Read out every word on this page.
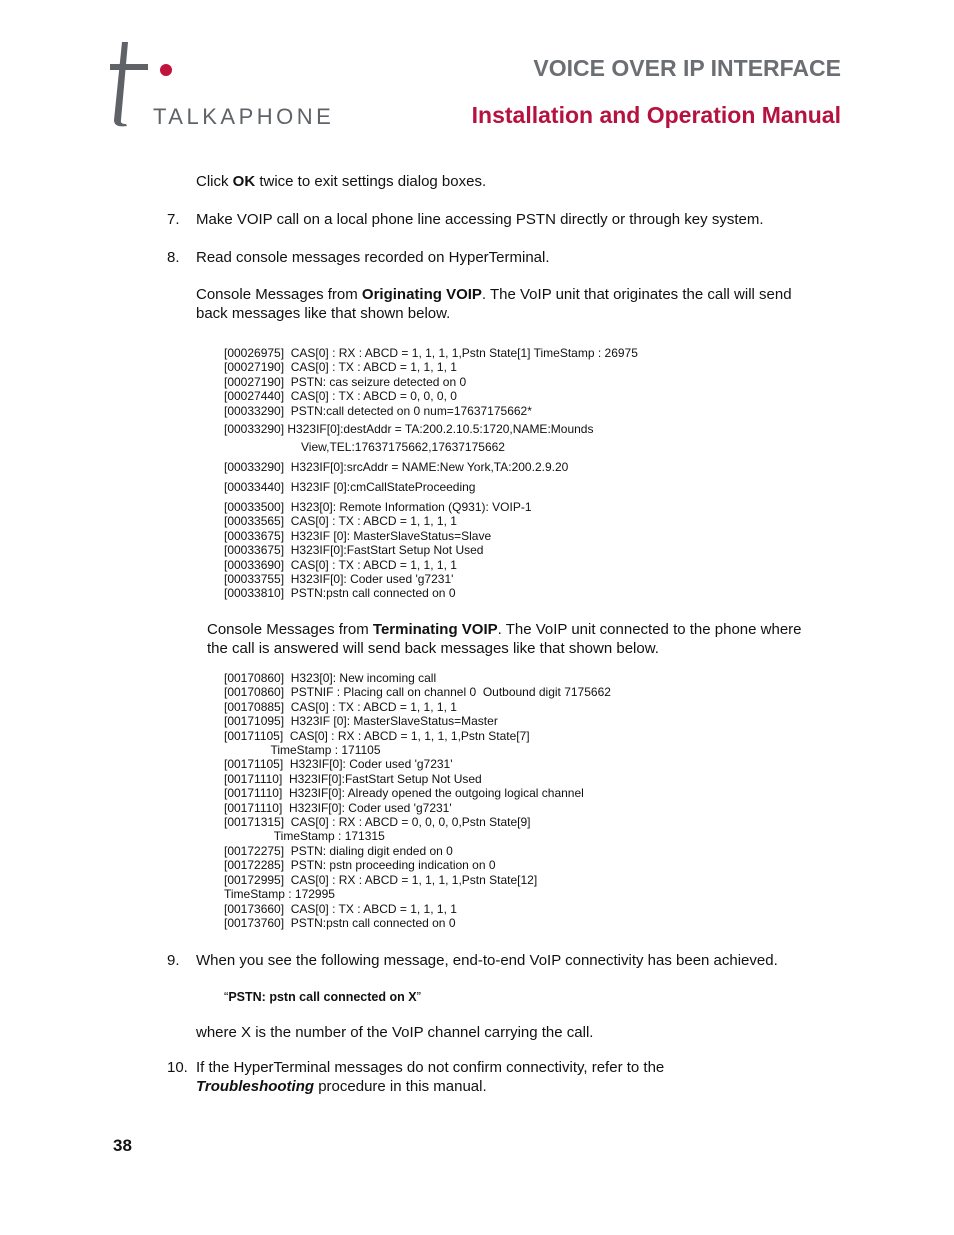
TALKAPHONE
VOICE OVER IP INTERFACE
Installation and Operation Manual
Click OK twice to exit settings dialog boxes.
7. Make VOIP call on a local phone line accessing PSTN directly or through key system.
8. Read console messages recorded on HyperTerminal.
Console Messages from Originating VOIP. The VoIP unit that originates the call will send
back messages like that shown below.
[00026975]  CAS[0] : RX : ABCD = 1, 1, 1, 1,Pstn State[1] TimeStamp : 26975
[00027190]  CAS[0] : TX : ABCD = 1, 1, 1, 1
[00027190]  PSTN: cas seizure detected on 0
[00027440]  CAS[0] : TX : ABCD = 0, 0, 0, 0
[00033290]  PSTN:call detected on 0 num=17637175662*
[00033290] H323IF[0]:destAddr = TA:200.2.10.5:1720,NAME:Mounds
View,TEL:17637175662,17637175662
[00033290]  H323IF[0]:srcAddr = NAME:New York,TA:200.2.9.20
[00033440]  H323IF [0]:cmCallStateProceeding
[00033500]  H323[0]: Remote Information (Q931): VOIP-1
[00033565]  CAS[0] : TX : ABCD = 1, 1, 1, 1
[00033675]  H323IF [0]: MasterSlaveStatus=Slave
[00033675]  H323IF[0]:FastStart Setup Not Used
[00033690]  CAS[0] : TX : ABCD = 1, 1, 1, 1
[00033755]  H323IF[0]: Coder used 'g7231'
[00033810]  PSTN:pstn call connected on 0
Console Messages from Terminating VOIP. The VoIP unit connected to the phone where
the call is answered will send back messages like that shown below.
[00170860]  H323[0]: New incoming call
[00170860]  PSTNIF : Placing call on channel 0  Outbound digit 7175662
[00170885]  CAS[0] : TX : ABCD = 1, 1, 1, 1
[00171095]  H323IF [0]: MasterSlaveStatus=Master
[00171105]  CAS[0] : RX : ABCD = 1, 1, 1, 1,Pstn State[7]
TimeStamp : 171105
[00171105]  H323IF[0]: Coder used 'g7231'
[00171110]  H323IF[0]:FastStart Setup Not Used
[00171110]  H323IF[0]: Already opened the outgoing logical channel
[00171110]  H323IF[0]: Coder used 'g7231'
[00171315]  CAS[0] : RX : ABCD = 0, 0, 0, 0,Pstn State[9]
TimeStamp : 171315
[00172275]  PSTN: dialing digit ended on 0
[00172285]  PSTN: pstn proceeding indication on 0
[00172995]  CAS[0] : RX : ABCD = 1, 1, 1, 1,Pstn State[12]
TimeStamp : 172995
[00173660]  CAS[0] : TX : ABCD = 1, 1, 1, 1
[00173760]  PSTN:pstn call connected on 0
9. When you see the following message, end-to-end VoIP connectivity has been achieved.
“PSTN: pstn call connected on X”
where X is the number of the VoIP channel carrying the call.
10. If the HyperTerminal messages do not confirm connectivity, refer to the
Troubleshooting procedure in this manual.
38
